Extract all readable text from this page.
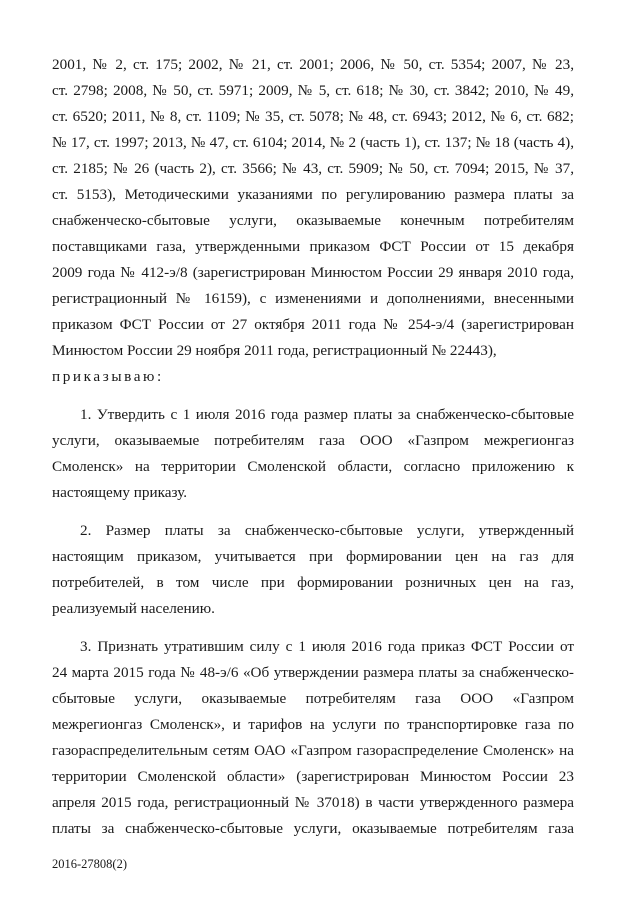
2001, № 2, ст. 175; 2002, № 21, ст. 2001; 2006, № 50, ст. 5354; 2007, № 23,
ст. 2798; 2008, № 50, ст. 5971; 2009, № 5, ст. 618; № 30, ст. 3842; 2010, № 49,
ст. 6520; 2011, № 8, ст. 1109; № 35, ст. 5078; № 48, ст. 6943; 2012, № 6, ст. 682;
№ 17, ст. 1997; 2013, № 47, ст. 6104; 2014, № 2 (часть 1), ст. 137; № 18 (часть 4),
ст. 2185; № 26 (часть 2), ст. 3566; № 43, ст. 5909; № 50, ст. 7094; 2015, № 37,
ст. 5153), Методическими указаниями по регулированию размера платы за
снабженческо-сбытовые услуги, оказываемые конечным потребителям
поставщиками газа, утвержденными приказом ФСТ России от 15 декабря
2009 года № 412-э/8 (зарегистрирован Минюстом России 29 января 2010 года,
регистрационный № 16159), с изменениями и дополнениями, внесенными
приказом ФСТ России от 27 октября 2011 года № 254-э/4 (зарегистрирован
Минюстом России 29 ноября 2011 года, регистрационный № 22443),
приказываю:
1. Утвердить с 1 июля 2016 года размер платы за снабженческо-сбытовые
услуги, оказываемые потребителям газа ООО «Газпром межрегионгаз
Смоленск» на территории Смоленской области, согласно приложению к
настоящему приказу.
2. Размер платы за снабженческо-сбытовые услуги, утвержденный
настоящим приказом, учитывается при формировании цен на газ для
потребителей, в том числе при формировании розничных цен на газ,
реализуемый населению.
3. Признать утратившим силу с 1 июля 2016 года приказ ФСТ России от
24 марта 2015 года № 48-э/6 «Об утверждении размера платы за снабженческо-
сбытовые услуги, оказываемые потребителям газа ООО «Газпром
межрегионгаз Смоленск», и тарифов на услуги по транспортировке газа по
газораспределительным сетям ОАО «Газпром газораспределение Смоленск» на
территории Смоленской области» (зарегистрирован Минюстом России 23
апреля 2015 года, регистрационный № 37018) в части утвержденного размера
платы за снабженческо-сбытовые услуги, оказываемые потребителям газа
2016-27808(2)
